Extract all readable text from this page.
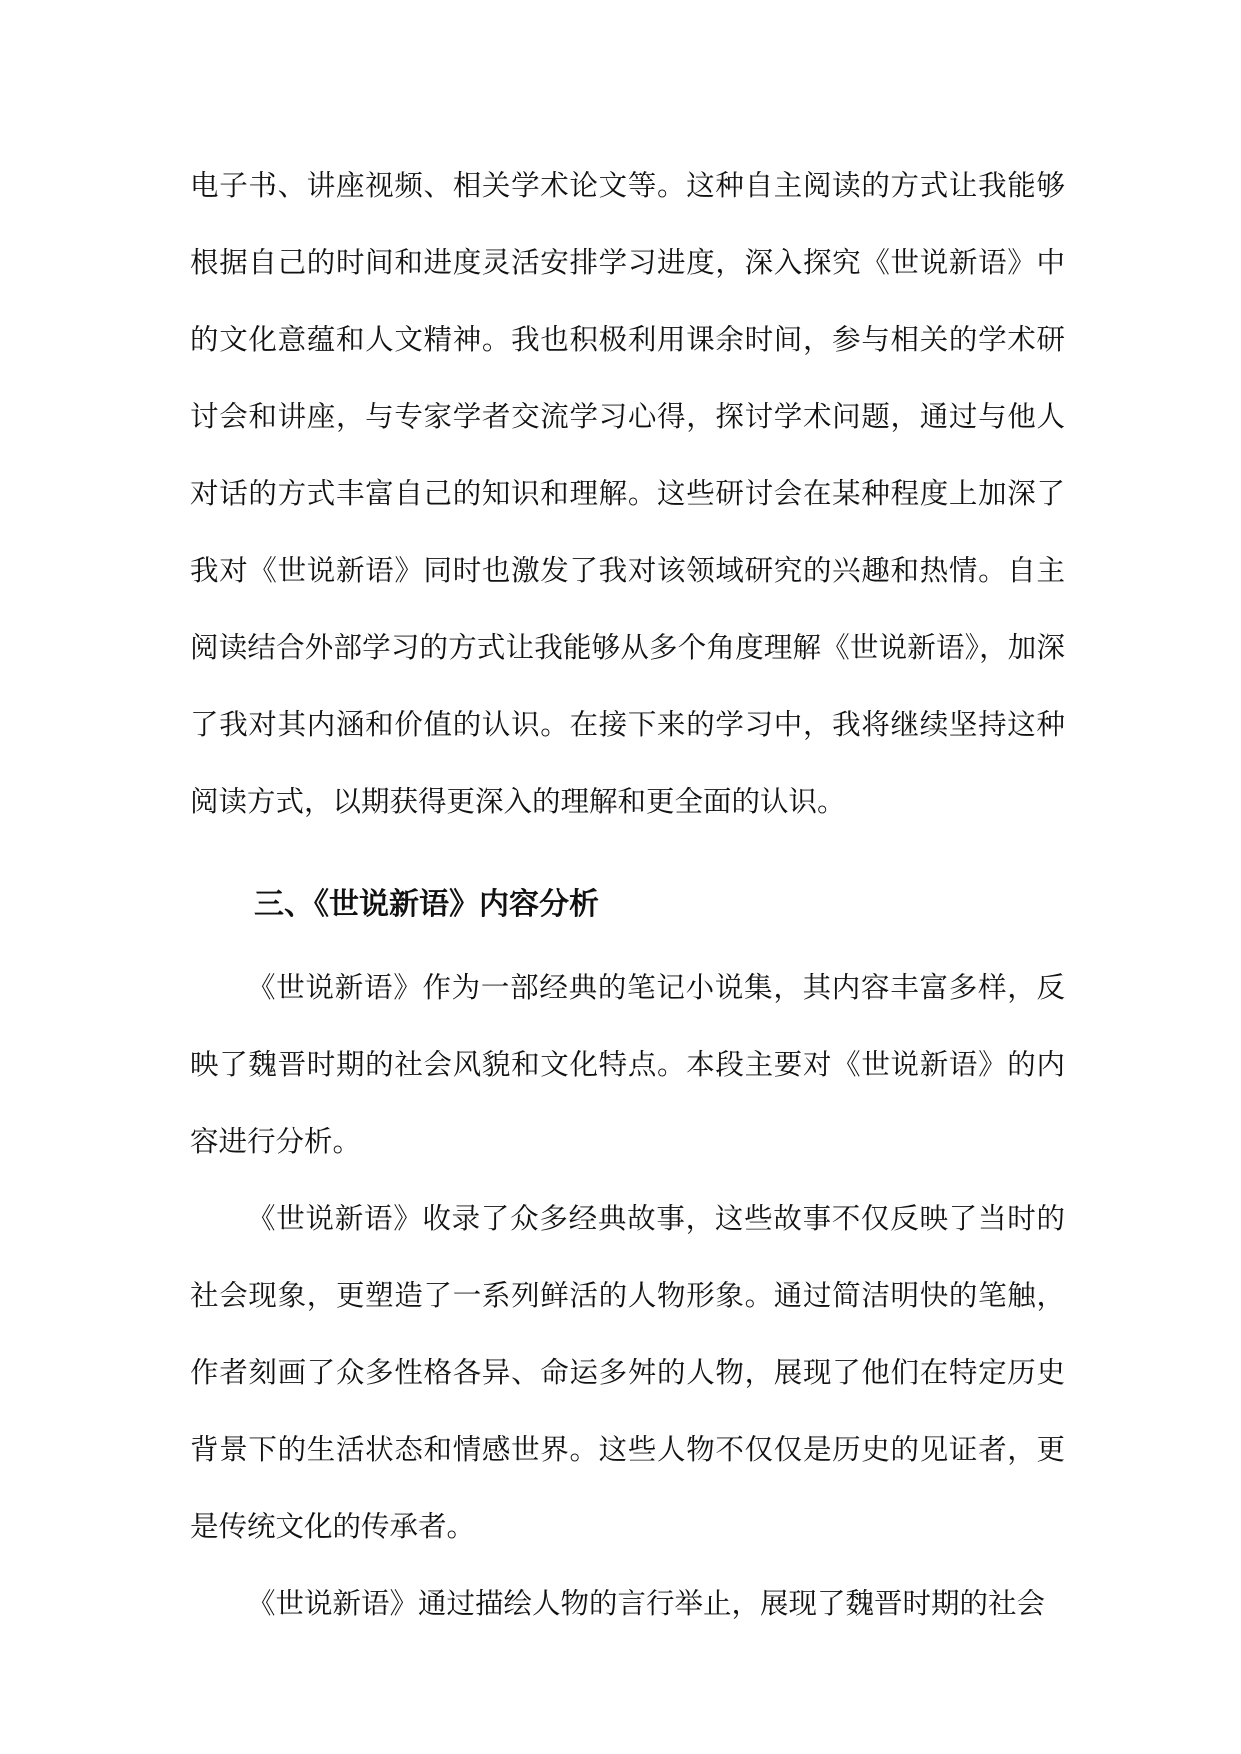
电子书、讲座视频、相关学术论文等。这种自主阅读的方式让我能够根据自己的时间和进度灵活安排学习进度，深入探究《世说新语》中的文化意蕴和人文精神。我也积极利用课余时间，参与相关的学术研讨会和讲座，与专家学者交流学习心得，探讨学术问题，通过与他人对话的方式丰富自己的知识和理解。这些研讨会在某种程度上加深了我对《世说新语》同时也激发了我对该领域研究的兴趣和热情。自主阅读结合外部学习的方式让我能够从多个角度理解《世说新语》，加深了我对其内涵和价值的认识。在接下来的学习中，我将继续坚持这种阅读方式，以期获得更深入的理解和更全面的认识。

三、《世说新语》内容分析

《世说新语》作为一部经典的笔记小说集，其内容丰富多样，反映了魏晋时期的社会风貌和文化特点。本段主要对《世说新语》的内容进行分析。

《世说新语》收录了众多经典故事，这些故事不仅反映了当时的社会现象，更塑造了一系列鲜活的人物形象。通过简洁明快的笔触，作者刻画了众多性格各异、命运多舛的人物，展现了他们在特定历史背景下的生活状态和情感世界。这些人物不仅仅是历史的见证者，更是传统文化的传承者。

《世说新语》通过描绘人物的言行举止，展现了魏晋时期的社会
